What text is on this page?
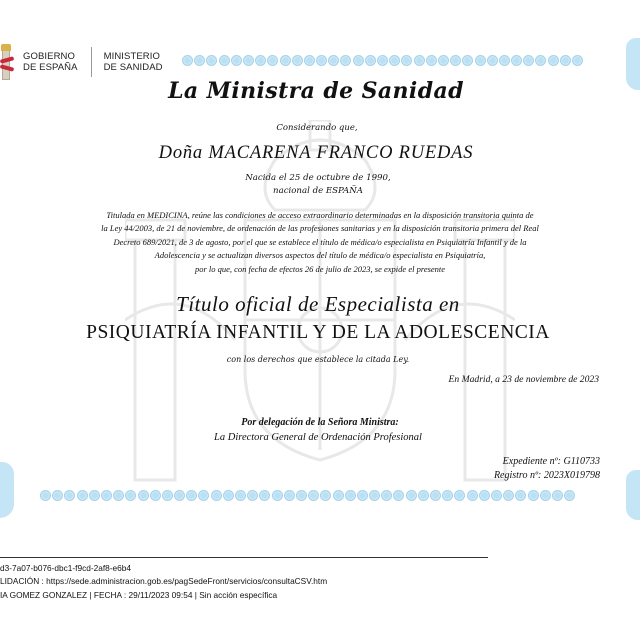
GOBIERNO
DE ESPAÑA
MINISTERIO
DE SANIDAD
La Ministra de Sanidad
Considerando que,
Doña MACARENA FRANCO RUEDAS
Nacida el 25 de octubre de 1990,
nacional de ESPAÑA
Titulada en MEDICINA, reúne las condiciones de acceso extraordinario determinadas en la disposición transitoria quinta de
la Ley 44/2003, de 21 de noviembre, de ordenación de las profesiones sanitarias y en la disposición transitoria primera del Real
Decreto 689/2021, de 3 de agosto, por el que se establece el título de médica/o especialista en Psiquiatría Infantil y de la
Adolescencia y se actualizan diversos aspectos del título de médica/o especialista en Psiquiatría,
por lo que, con fecha de efectos 26 de julio de 2023, se expide el presente
Título oficial de Especialista en
PSIQUIATRÍA INFANTIL Y DE LA ADOLESCENCIA
con los derechos que establece la citada Ley.
En Madrid, a 23 de noviembre de 2023
Por delegación de la Señora Ministra:
La Directora General de Ordenación Profesional
Expediente nº: G110733
Registro nº: 2023X019798
d3-7a07-b076-dbc1-f9cd-2af8-e6b4
LIDACIÓN : https://sede.administracion.gob.es/pagSedeFront/servicios/consultaCSV.htm
IA GOMEZ GONZALEZ | FECHA : 29/11/2023 09:54 | Sin acción específica
